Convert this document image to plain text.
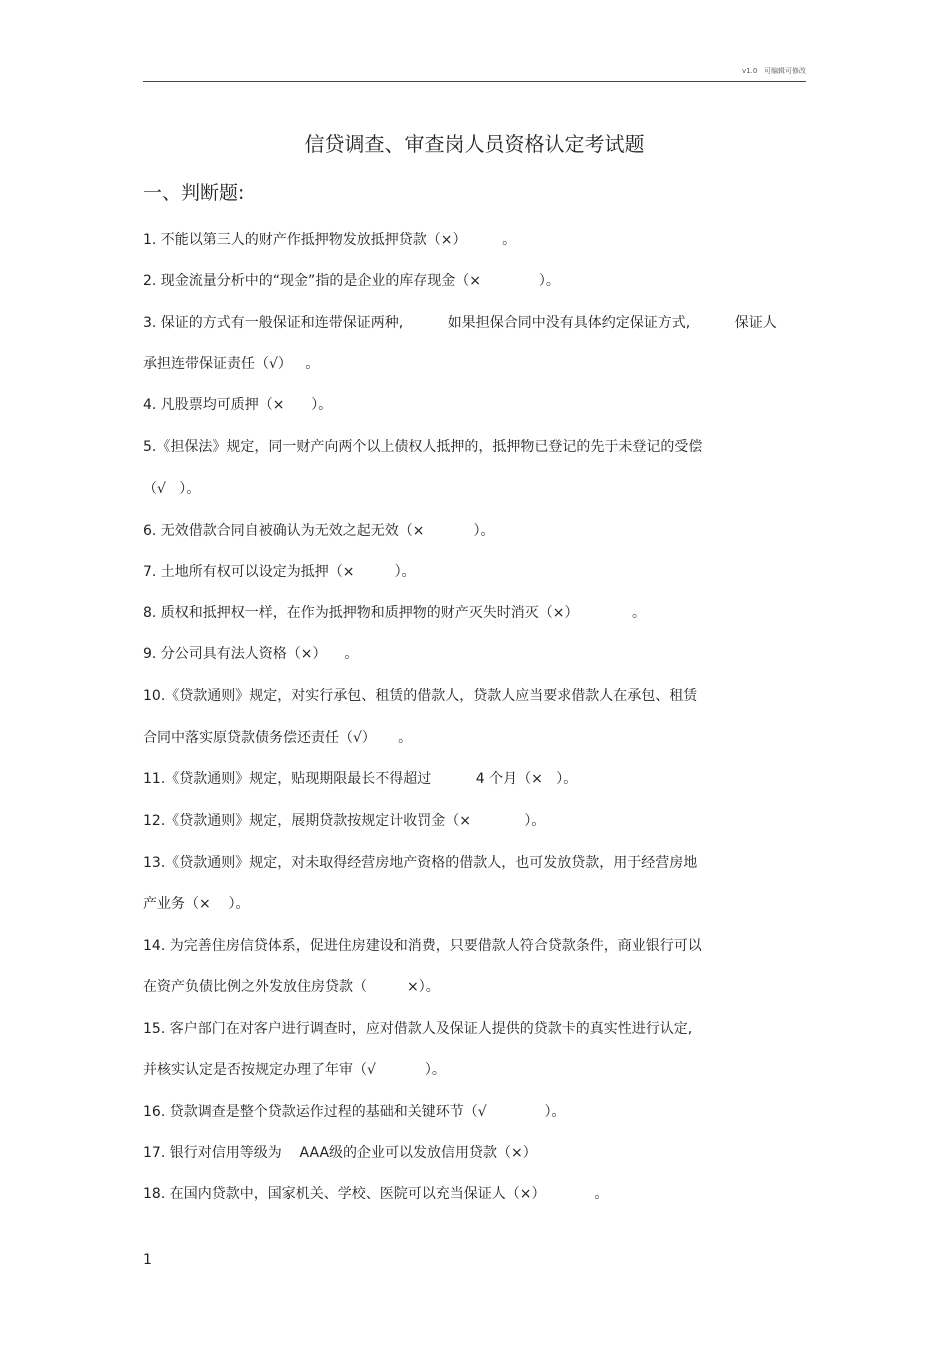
v1.0   可编辑可修改
信贷调查、审查岗人员资格认定考试题
一、判断题:
1. 不能以第三人的财产作抵押物发放抵押贷款（×）        。
2. 现金流量分析中的“现金”指的是企业的库存现金（×             ）。
3. 保证的方式有一般保证和连带保证两种,          如果担保合同中没有具体约定保证方式,          保证人
承担连带保证责任（√）   。
4. 凡股票均可质押（×      ）。
5.《担保法》规定，同一财产向两个以上债权人抵押的，抵押物已登记的先于未登记的受偿
（√   ）。
6. 无效借款合同自被确认为无效之起无效（×           ）。
7. 土地所有权可以设定为抵押（×         ）。
8. 质权和抵押权一样，在作为抵押物和质押物的财产灭失时消灭（×）            。
9. 分公司具有法人资格（×）    。
10.《贷款通则》规定，对实行承包、租赁的借款人，贷款人应当要求借款人在承包、租赁
合同中落实原贷款债务偿还责任（√）     。
11.《贷款通则》规定，贴现期限最长不得超过          4 个月（×   ）。
12.《贷款通则》规定，展期贷款按规定计收罚金（×            ）。
13.《贷款通则》规定，对未取得经营房地产资格的借款人，也可发放贷款，用于经营房地
产业务（×    ）。
14. 为完善住房信贷体系，促进住房建设和消费，只要借款人符合贷款条件，商业银行可以
在资产负债比例之外发放住房贷款（         ×）。
15. 客户部门在对客户进行调查时，应对借款人及保证人提供的贷款卡的真实性进行认定,
并核实认定是否按规定办理了年审（√           ）。
16. 贷款调查是整个贷款运作过程的基础和关键环节（√             ）。
17. 银行对信用等级为    AAA级的企业可以发放信用贷款（×）
18. 在国内贷款中，国家机关、学校、医院可以充当保证人（×）           。
1
